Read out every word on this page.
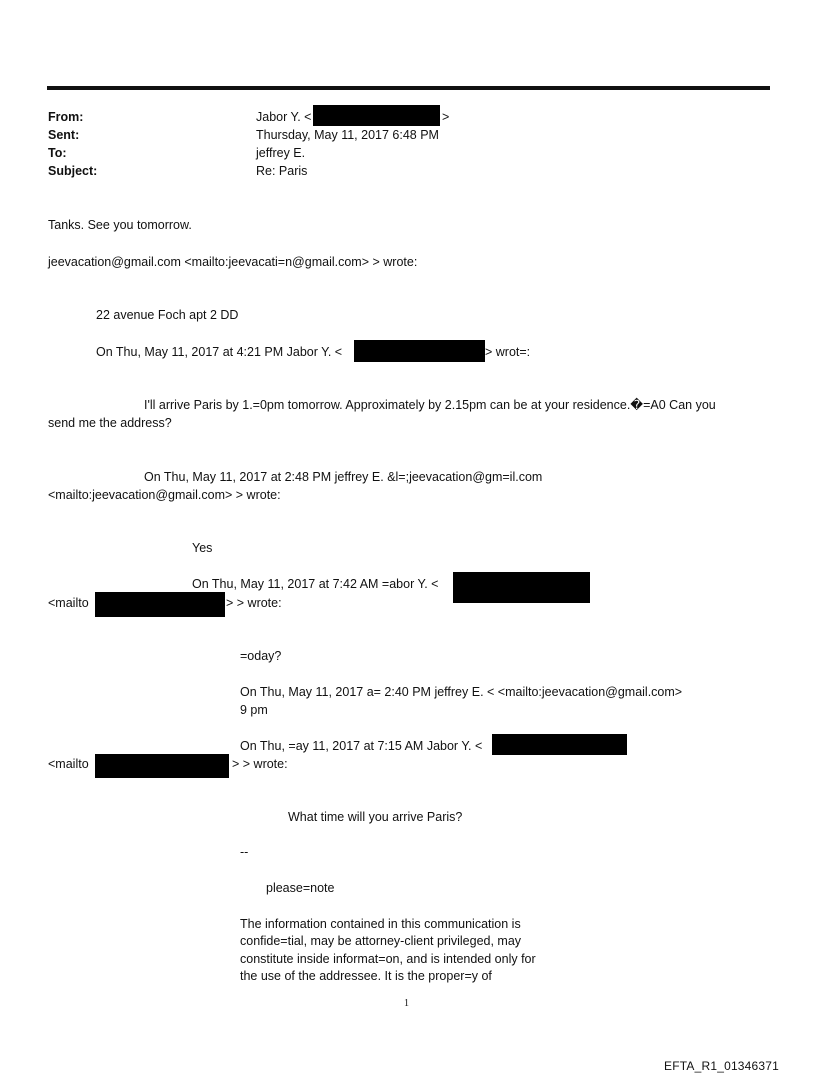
From:	Jabor Y. <	>
Sent:	Thursday, May 11, 2017 6:48 PM
To:	jeffrey E.
Subject:	Re: Paris
Tanks. See you tomorrow.
jeevacation@gmail.com <mailto:jeevacati=n@gmail.com> > wrote:
22 avenue Foch apt 2 DD
On Thu, May 11, 2017 at 4:21 PM Jabor Y. <	> wrot=:
I'll arrive Paris by 1.=0pm tomorrow. Approximately by 2.15pm can be at your residence.�=A0 Can you
send me the address?
On Thu, May 11, 2017 at 2:48 PM jeffrey E. &l=;jeevacation@gm=il.com
<mailto:jeevacation@gmail.com> > wrote:
Yes
On Thu, May 11, 2017 at 7:42 AM =abor Y. <
<mailto	> > wrote:
=oday?
On Thu, May 11, 2017 a= 2:40 PM jeffrey E. < <mailto:jeevacation@gmail.com>
9 pm
On Thu, =ay 11, 2017 at 7:15 AM Jabor Y. <
<mailto	> > wrote:
What time will you arrive Paris?
--
please=note
The information contained in this communication is
confide=tial, may be attorney-client privileged, may
constitute inside informat=on, and is intended only for
the use of the addressee. It is the proper=y of
1
EFTA_R1_01346371
